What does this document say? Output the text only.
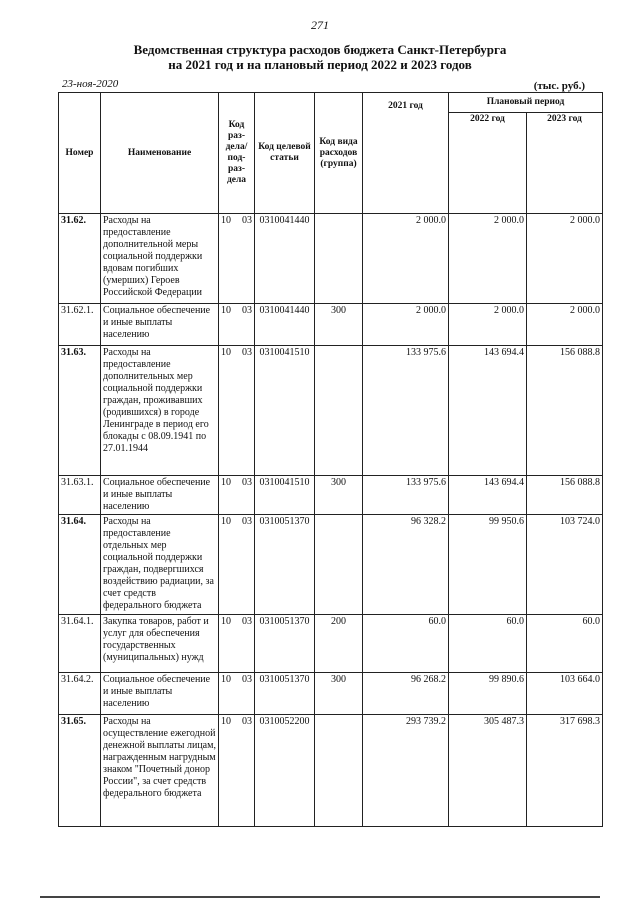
271
Ведомственная структура расходов бюджета Санкт-Петербурга
на 2021 год и на плановый период 2022 и 2023 годов
23-ноя-2020	(тыс. руб.)
Номер	Наименование	Код раз- дела/ под- раз- дела	Код целевой статьи	Код вида расходов (группа)	2021 год	Плановый период	
						2022 год	2023 год
31.62.	Расходы на предоставление дополнительной меры социальной поддержки вдовам погибших (умерших) Героев Российской Федерации	10 03	0310041440		2 000.0	2 000.0	2 000.0
31.62.1.	Социальное обеспечение и иные выплаты населению	10 03	0310041440	300	2 000.0	2 000.0	2 000.0
31.63.	Расходы на предоставление дополнительных мер социальной поддержки граждан, проживавших (родившихся) в городе Ленинграде в период его блокады с 08.09.1941 по 27.01.1944	10 03	0310041510		133 975.6	143 694.4	156 088.8
31.63.1.	Социальное обеспечение и иные выплаты населению	10 03	0310041510	300	133 975.6	143 694.4	156 088.8
31.64.	Расходы на предоставление отдельных мер социальной поддержки граждан, подвергшихся воздействию радиации, за счет средств федерального бюджета	10 03	0310051370		96 328.2	99 950.6	103 724.0
31.64.1.	Закупка товаров, работ и услуг для обеспечения государственных (муниципальных) нужд	10 03	0310051370	200	60.0	60.0	60.0
31.64.2.	Социальное обеспечение и иные выплаты населению	10 03	0310051370	300	96 268.2	99 890.6	103 664.0
31.65.	Расходы на осуществление ежегодной денежной выплаты лицам, награжденным нагрудным знаком "Почетный донор России", за счет средств федерального бюджета	10 03	0310052200		293 739.2	305 487.3	317 698.3
